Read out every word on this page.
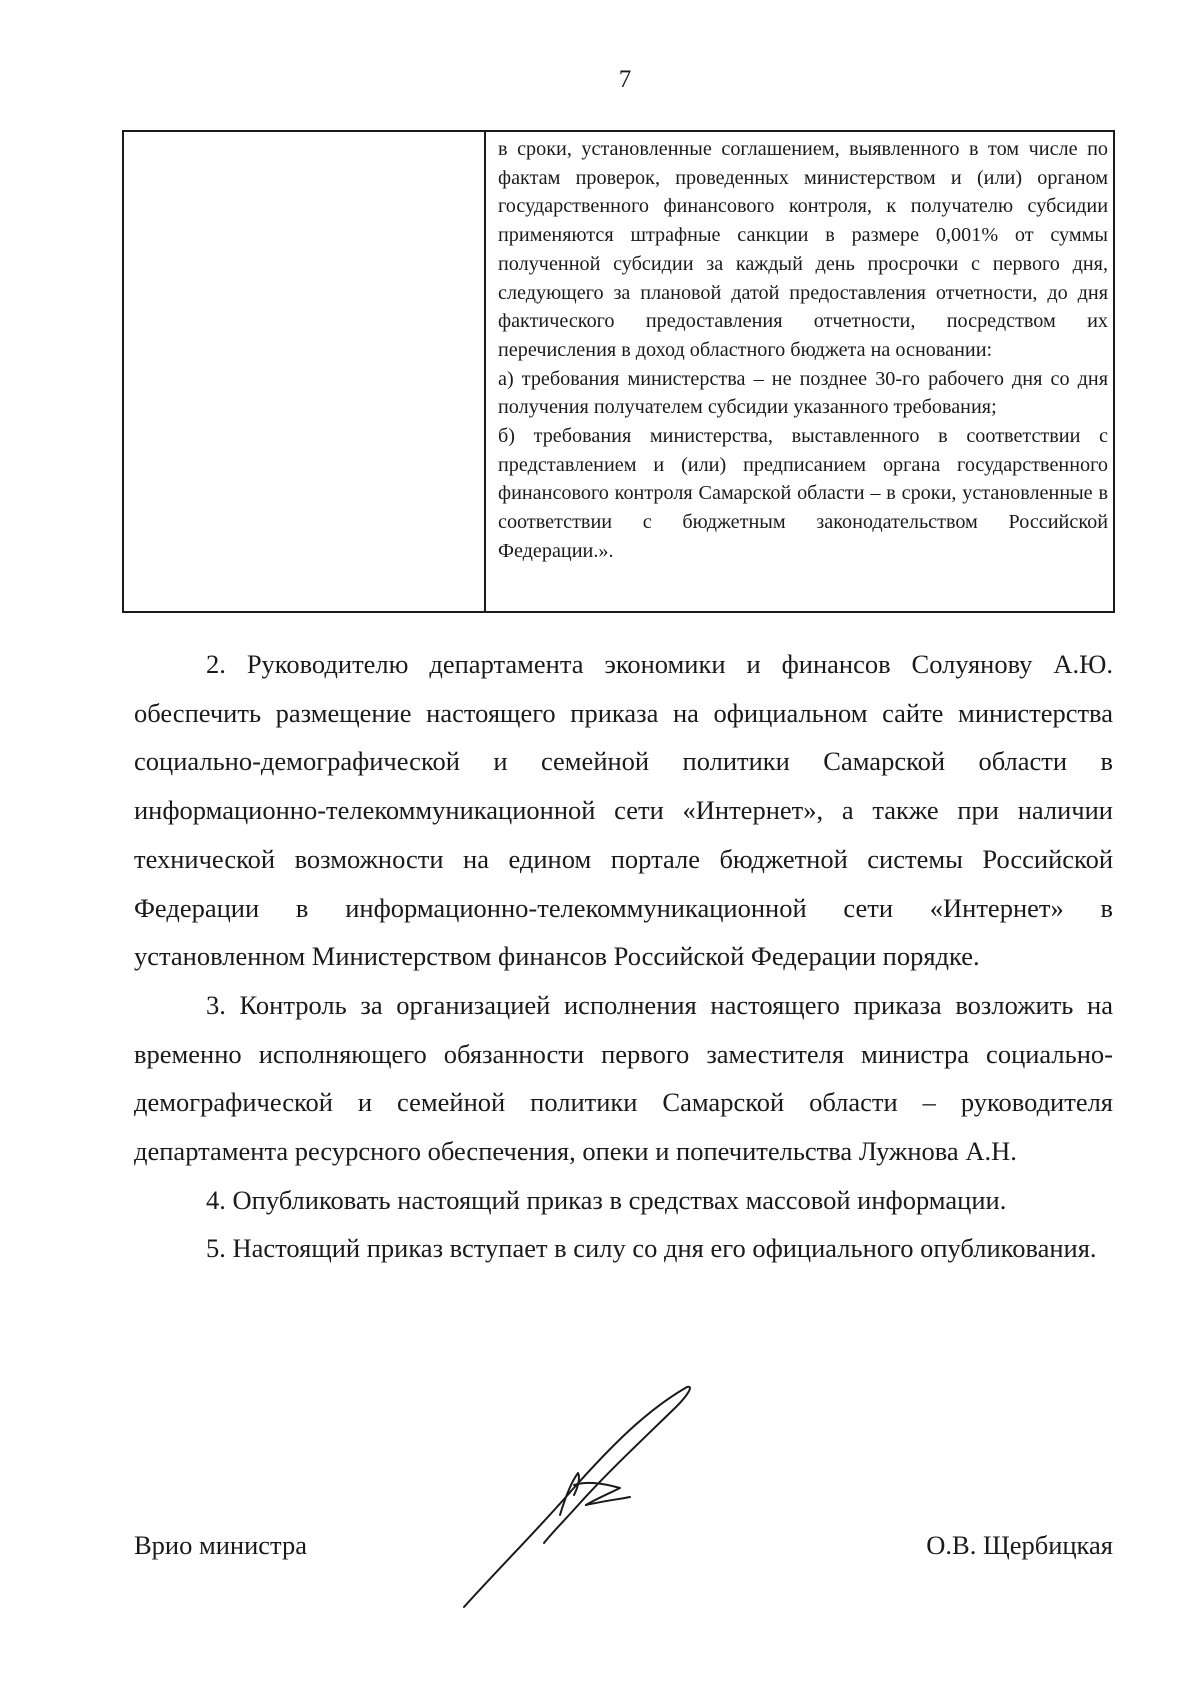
7

в сроки, установленные соглашением, выявленного в том числе по фактам проверок, проведенных министерством и (или) органом государственного финансового контроля, к получателю субсидии применяются штрафные санкции в размере 0,001% от суммы полученной субсидии за каждый день просрочки с первого дня, следующего за плановой датой предоставления отчетности, до дня фактического предоставления отчетности, посредством их перечисления в доход областного бюджета на основании:

а) требования министерства – не позднее 30-го рабочего дня со дня получения получателем субсидии указанного требования;

б) требования министерства, выставленного в соответствии с представлением и (или) предписанием органа государственного финансового контроля Самарской области – в сроки, установленные в соответствии с бюджетным законодательством Российской Федерации.».

2. Руководителю департамента экономики и финансов Солуянову А.Ю. обеспечить размещение настоящего приказа на официальном сайте министерства социально-демографической и семейной политики Самарской области в информационно-телекоммуникационной сети «Интернет», а также при наличии технической возможности на едином портале бюджетной системы Российской Федерации в информационно-телекоммуникационной сети «Интернет» в установленном Министерством финансов Российской Федерации порядке.

3. Контроль за организацией исполнения настоящего приказа возложить на временно исполняющего обязанности первого заместителя министра социально-демографической и семейной политики Самарской области – руководителя департамента ресурсного обеспечения, опеки и попечительства Лужнова А.Н.

4. Опубликовать настоящий приказ в средствах массовой информации.

5. Настоящий приказ вступает в силу со дня его официального опубликования.

Врио министра	О.В. Щербицкая
